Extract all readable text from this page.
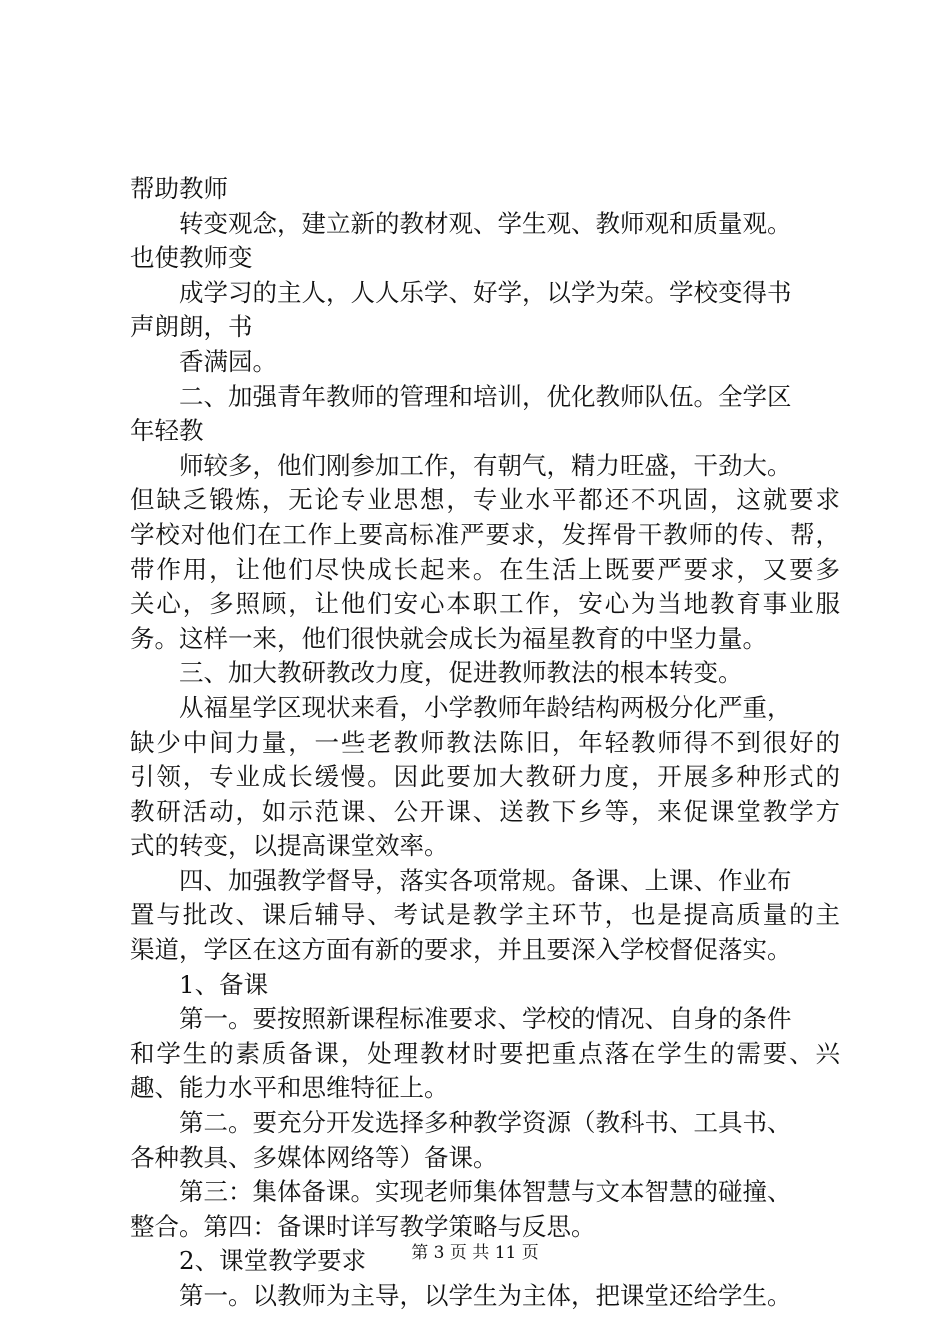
帮助教师
转变观念，建立新的教材观、学生观、教师观和质量观。
也使教师变
成学习的主人，人人乐学、好学，以学为荣。学校变得书
声朗朗，书
香满园。
二、加强青年教师的管理和培训，优化教师队伍。全学区
年轻教
师较多，他们刚参加工作，有朝气，精力旺盛，干劲大。
但缺乏锻炼，无论专业思想，专业水平都还不巩固，这就要求
学校对他们在工作上要高标准严要求，发挥骨干教师的传、帮，
带作用，让他们尽快成长起来。在生活上既要严要求，又要多
关心，多照顾，让他们安心本职工作，安心为当地教育事业服
务。这样一来，他们很快就会成长为福星教育的中坚力量。
三、加大教研教改力度，促进教师教法的根本转变。
从福星学区现状来看，小学教师年龄结构两极分化严重，
缺少中间力量，一些老教师教法陈旧，年轻教师得不到很好的
引领，专业成长缓慢。因此要加大教研力度，开展多种形式的
教研活动，如示范课、公开课、送教下乡等，来促课堂教学方
式的转变，以提高课堂效率。
四、加强教学督导，落实各项常规。备课、上课、作业布
置与批改、课后辅导、考试是教学主环节，也是提高质量的主
渠道，学区在这方面有新的要求，并且要深入学校督促落实。
1、备课
第一。要按照新课程标准要求、学校的情况、自身的条件
和学生的素质备课，处理教材时要把重点落在学生的需要、兴
趣、能力水平和思维特征上。
第二。要充分开发选择多种教学资源（教科书、工具书、
各种教具、多媒体网络等）备课。
第三：集体备课。实现老师集体智慧与文本智慧的碰撞、
整合。第四：备课时详写教学策略与反思。
2、课堂教学要求
第一。以教师为主导，以学生为主体，把课堂还给学生。
第 3 页 共 11 页
